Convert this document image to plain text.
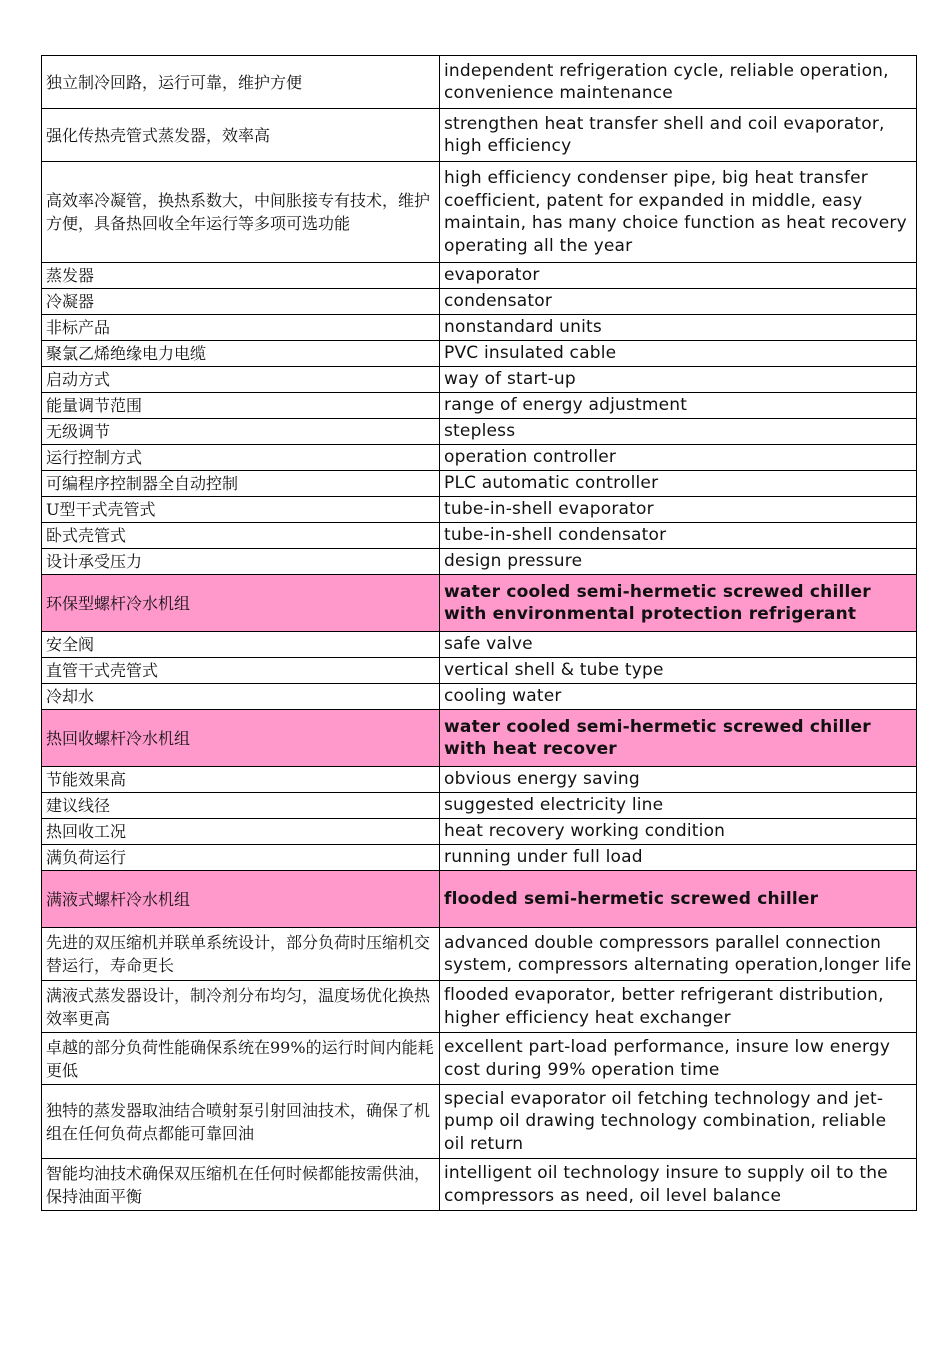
独立制冷回路，运行可靠，维护方便	independent refrigeration cycle, reliable operation, convenience maintenance
强化传热壳管式蒸发器，效率高	strengthen heat transfer shell and coil evaporator, high efficiency
高效率冷凝管，换热系数大，中间胀接专有技术，维护方便，具备热回收全年运行等多项可选功能	high efficiency condenser pipe, big heat transfer coefficient, patent for expanded in middle, easy maintain, has many choice function as heat recovery operating all the year
蒸发器	evaporator
冷凝器	condensator
非标产品	nonstandard units
聚氯乙烯绝缘电力电缆	PVC insulated cable
启动方式	way of start-up
能量调节范围	range of energy adjustment
无级调节	stepless
运行控制方式	operation controller
可编程序控制器全自动控制	PLC automatic controller
U型干式壳管式	tube-in-shell evaporator
卧式壳管式	tube-in-shell condensator
设计承受压力	design pressure
环保型螺杆冷水机组	water cooled semi-hermetic screwed chiller with environmental protection refrigerant
安全阀	safe valve
直管干式壳管式	vertical shell & tube type
冷却水	cooling water
热回收螺杆冷水机组	water cooled semi-hermetic screwed chiller with heat recover
节能效果高	obvious energy saving
建议线径	suggested electricity line
热回收工况	heat recovery working condition
满负荷运行	running under full load
满液式螺杆冷水机组	flooded semi-hermetic screwed chiller
先进的双压缩机并联单系统设计，部分负荷时压缩机交替运行，寿命更长	advanced double compressors parallel connection system, compressors alternating operation,longer life
满液式蒸发器设计，制冷剂分布均匀，温度场优化换热效率更高	flooded evaporator, better refrigerant distribution, higher efficiency heat exchanger
卓越的部分负荷性能确保系统在99%的运行时间内能耗更低	excellent part-load performance, insure low energy cost during 99% operation time
独特的蒸发器取油结合喷射泵引射回油技术，确保了机组在任何负荷点都能可靠回油	special evaporator oil fetching technology and jet-pump oil drawing technology combination, reliable oil return
智能均油技术确保双压缩机在任何时候都能按需供油，保持油面平衡	intelligent oil technology insure to supply oil to the compressors as need, oil level balance
